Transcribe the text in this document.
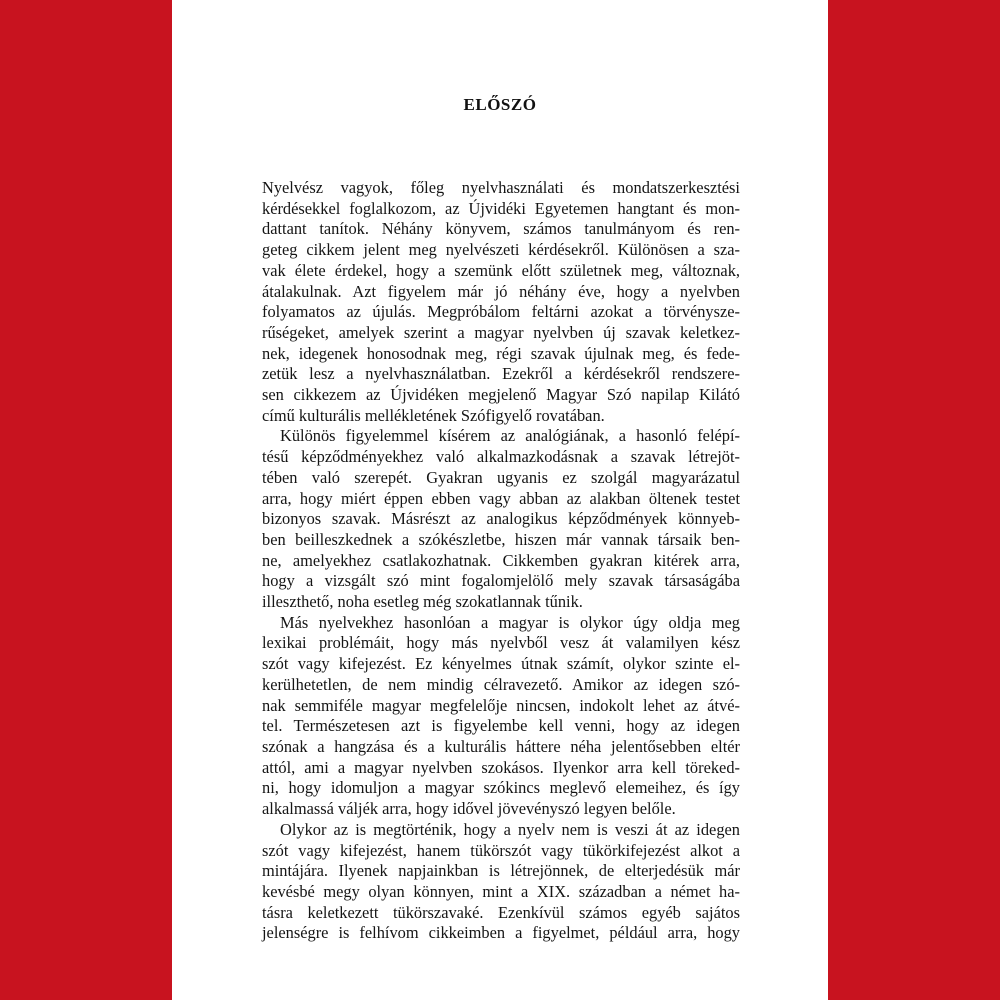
ELŐSZÓ
Nyelvész vagyok, főleg nyelvhasználati és mondatszerkesztési
kérdésekkel foglalkozom, az Újvidéki Egyetemen hangtant és mon-
dattant tanítok. Néhány könyvem, számos tanulmányom és ren-
geteg cikkem jelent meg nyelvészeti kérdésekről. Különösen a sza-
vak élete érdekel, hogy a szemünk előtt születnek meg, változnak,
átalakulnak. Azt figyelem már jó néhány éve, hogy a nyelvben
folyamatos az újulás. Megpróbálom feltárni azokat a törvénysze-
rűségeket, amelyek szerint a magyar nyelvben új szavak keletkez-
nek, idegenek honosodnak meg, régi szavak újulnak meg, és fede-
zetük lesz a nyelvhasználatban. Ezekről a kérdésekről rendszere-
sen cikkezem az Újvidéken megjelenő Magyar Szó napilap Kilátó
című kulturális mellékletének Szófigyelő rovatában.
Különös figyelemmel kísérem az analógiának, a hasonló felépí-
tésű képződményekhez való alkalmazkodásnak a szavak létrejöt-
tében való szerepét. Gyakran ugyanis ez szolgál magyarázatul
arra, hogy miért éppen ebben vagy abban az alakban öltenek testet
bizonyos szavak. Másrészt az analogikus képződmények könnyeb-
ben beilleszkednek a szókészletbe, hiszen már vannak társaik ben-
ne, amelyekhez csatlakozhatnak. Cikkemben gyakran kitérek arra,
hogy a vizsgált szó mint fogalomjelölő mely szavak társaságába
illeszthető, noha esetleg még szokatlannak tűnik.
Más nyelvekhez hasonlóan a magyar is olykor úgy oldja meg
lexikai problémáit, hogy más nyelvből vesz át valamilyen kész
szót vagy kifejezést. Ez kényelmes útnak számít, olykor szinte el-
kerülhetetlen, de nem mindig célravezető. Amikor az idegen szó-
nak semmiféle magyar megfelelője nincsen, indokolt lehet az átvé-
tel. Természetesen azt is figyelembe kell venni, hogy az idegen
szónak a hangzása és a kulturális háttere néha jelentősebben eltér
attól, ami a magyar nyelvben szokásos. Ilyenkor arra kell töreked-
ni, hogy idomuljon a magyar szókincs meglevő elemeihez, és így
alkalmassá váljék arra, hogy idővel jövevényszó legyen belőle.
Olykor az is megtörténik, hogy a nyelv nem is veszi át az idegen
szót vagy kifejezést, hanem tükörszót vagy tükörkifejezést alkot a
mintájára. Ilyenek napjainkban is létrejönnek, de elterjedésük már
kevésbé megy olyan könnyen, mint a XIX. században a német ha-
tásra keletkezett tükörszavaké. Ezenkívül számos egyéb sajátos
jelenségre is felhívom cikkeimben a figyelmet, például arra, hogy
